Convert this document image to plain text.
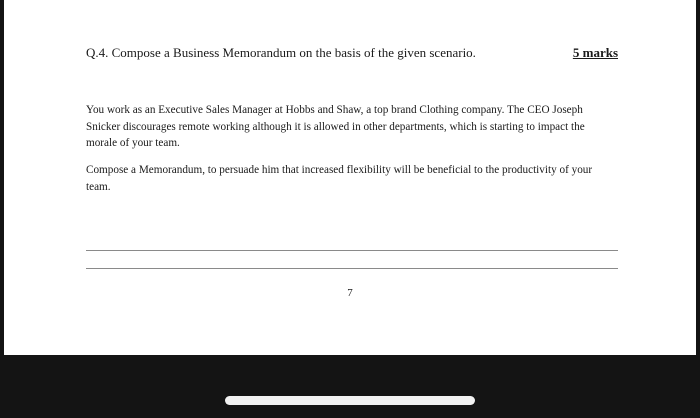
Q.4. Compose a Business Memorandum on the basis of the given scenario.	5 marks

You work as an Executive Sales Manager at Hobbs and Shaw, a top brand Clothing company. The CEO Joseph Snicker discourages remote working although it is allowed in other departments, which is starting to impact the morale of your team.

Compose a Memorandum, to persuade him that increased flexibility will be beneficial to the productivity of your team.

7
